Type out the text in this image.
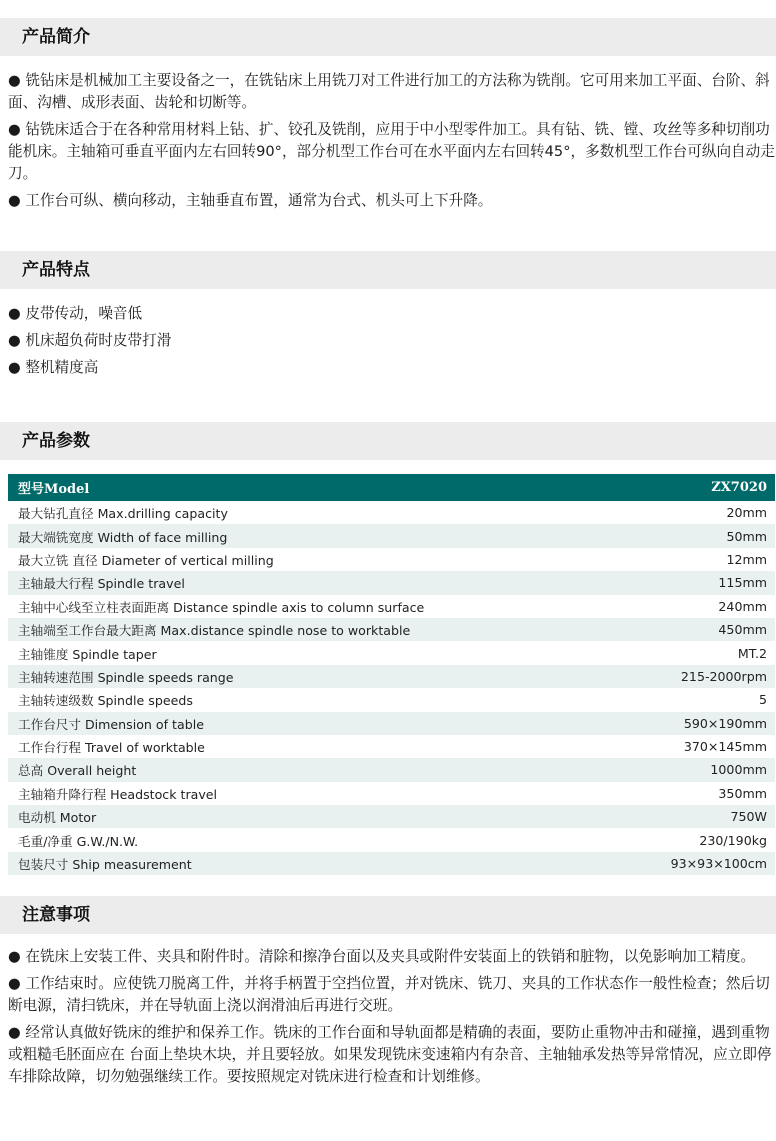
产品简介

● 铣钻床是机械加工主要设备之一，在铣钻床上用铣刀对工件进行加工的方法称为铣削。它可用来加工平面、台阶、斜面、沟槽、成形表面、齿轮和切断等。

● 钻铣床适合于在各种常用材料上钻、扩、铰孔及铣削，应用于中小型零件加工。具有钻、铣、镗、攻丝等多种切削功能机床。主轴箱可垂直平面内左右回转90°，部分机型工作台可在水平面内左右回转45°，多数机型工作台可纵向自动走刀。

● 工作台可纵、横向移动，主轴垂直布置，通常为台式、机头可上下升降。

产品特点
● 皮带传动，噪音低
● 机床超负荷时皮带打滑
● 整机精度高
产品参数
型号Model	ZX7020
最大钻孔直径 Max.drilling capacity	20mm
最大端铣宽度 Width of face milling	50mm
最大立铣 直径 Diameter of vertical milling	12mm
主轴最大行程 Spindle travel	115mm
主轴中心线至立柱表面距离 Distance spindle axis to column surface	240mm
主轴端至工作台最大距离 Max.distance spindle nose to worktable	450mm
主轴锥度 Spindle taper	MT.2
主轴转速范围 Spindle speeds range	215-2000rpm
主轴转速级数 Spindle speeds	5
工作台尺寸 Dimension of table	590×190mm
工作台行程 Travel of worktable	370×145mm
总高 Overall height	1000mm
主轴箱升降行程 Headstock travel	350mm
电动机 Motor	750W
毛重/净重 G.W./N.W.	230/190kg
包装尺寸 Ship measurement	93×93×100cm
注意事项

● 在铣床上安装工件、夹具和附件时。清除和擦净台面以及夹具或附件安装面上的铁销和脏物，以免影响加工精度。

● 工作结束时。应使铣刀脱离工件，并将手柄置于空挡位置，并对铣床、铣刀、夹具的工作状态作一般性检查；然后切断电源，清扫铣床，并在导轨面上浇以润滑油后再进行交班。

● 经常认真做好铣床的维护和保养工作。铣床的工作台面和导轨面都是精确的表面，要防止重物冲击和碰撞，遇到重物或粗糙毛胚面应在 台面上垫块木块，并且要轻放。如果发现铣床变速箱内有杂音、主轴轴承发热等异常情况，应立即停车排除故障，切勿勉强继续工作。要按照规定对铣床进行检查和计划维修。
